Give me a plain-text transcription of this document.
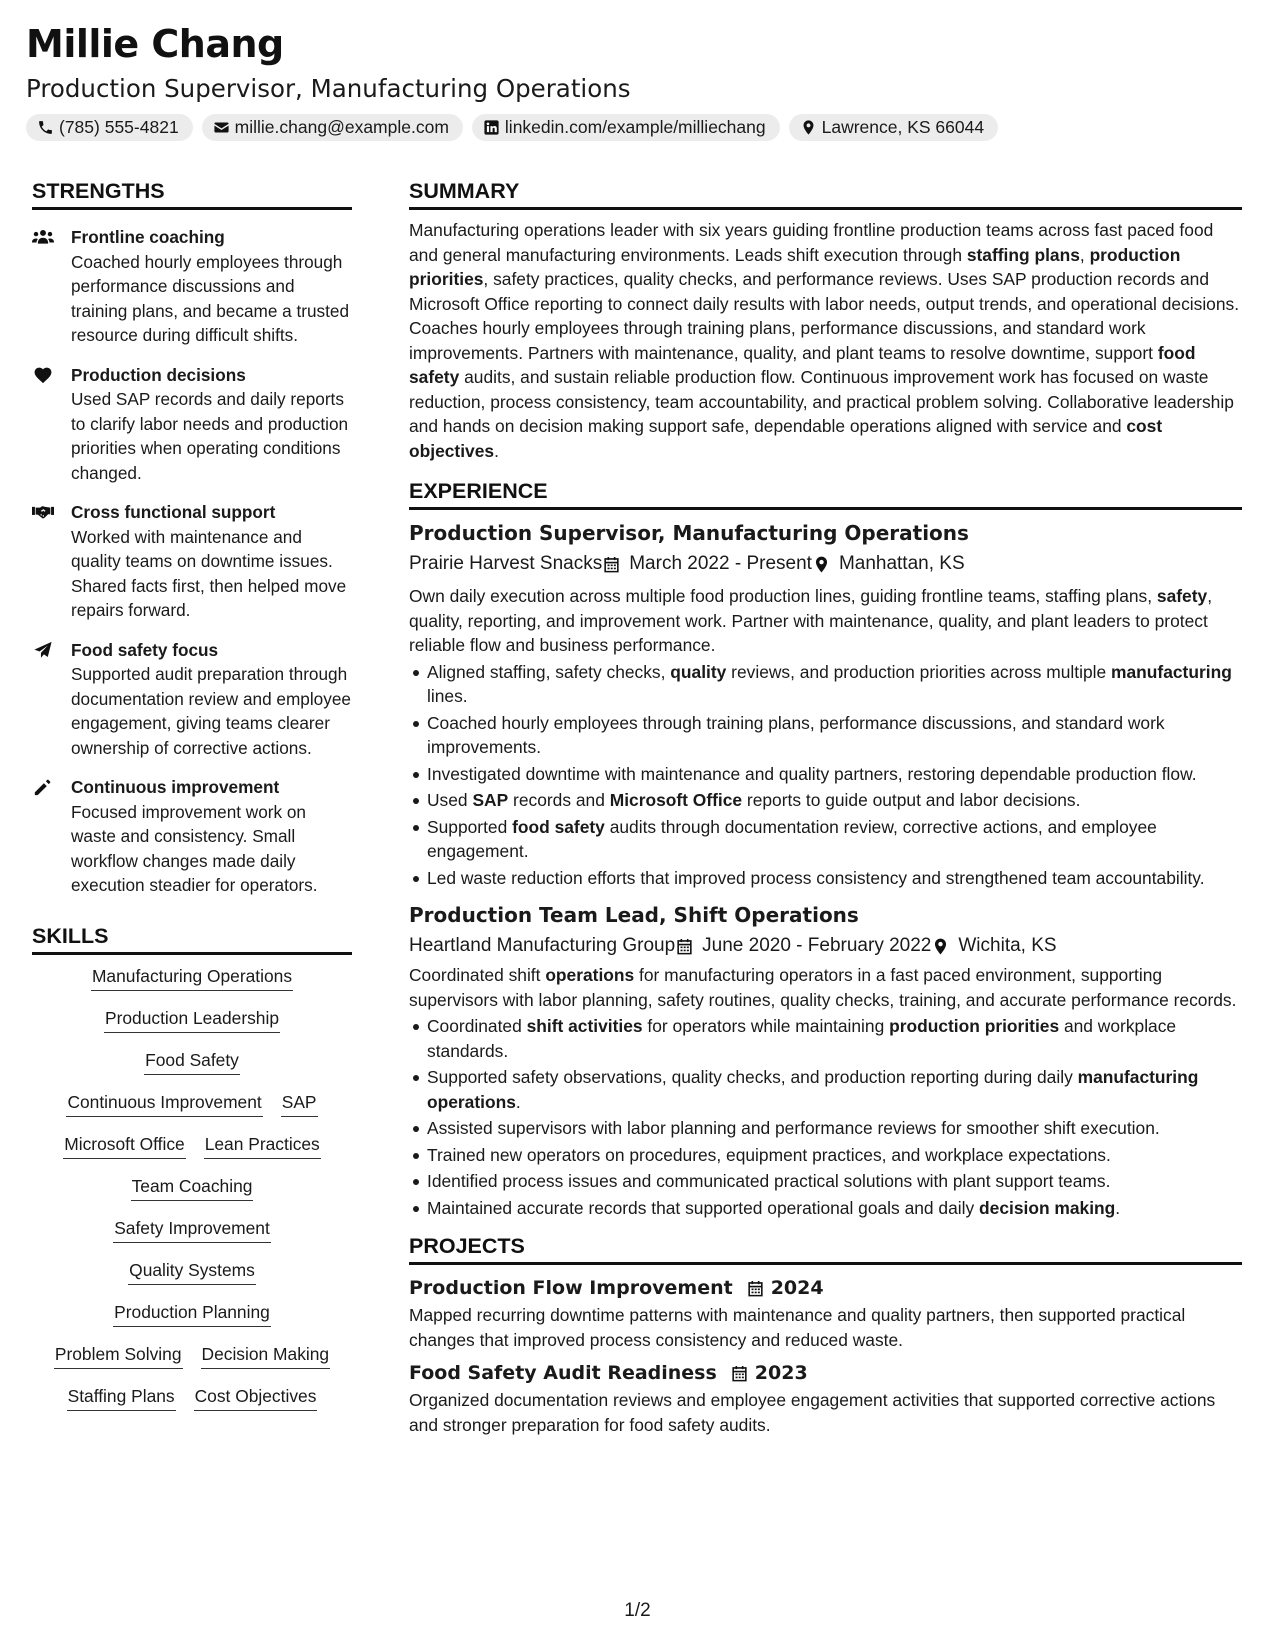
Millie Chang
Production Supervisor, Manufacturing Operations
(785) 555-4821	millie.chang@example.com	linkedin.com/example/milliechang	Lawrence, KS 66044
STRENGTHS
Frontline coaching
Coached hourly employees through performance discussions and training plans, and became a trusted resource during difficult shifts.
Production decisions
Used SAP records and daily reports to clarify labor needs and production priorities when operating conditions changed.
Cross functional support
Worked with maintenance and quality teams on downtime issues. Shared facts first, then helped move repairs forward.
Food safety focus
Supported audit preparation through documentation review and employee engagement, giving teams clearer ownership of corrective actions.
Continuous improvement
Focused improvement work on waste and consistency. Small workflow changes made daily execution steadier for operators.
SKILLS
Manufacturing Operations
Production Leadership
Food Safety
Continuous Improvement SAP
Microsoft Office Lean Practices
Team Coaching
Safety Improvement
Quality Systems
Production Planning
Problem Solving Decision Making
Staffing Plans Cost Objectives
SUMMARY
Manufacturing operations leader with six years guiding frontline production teams across fast paced food and general manufacturing environments. Leads shift execution through staffing plans, production priorities, safety practices, quality checks, and performance reviews. Uses SAP production records and Microsoft Office reporting to connect daily results with labor needs, output trends, and operational decisions. Coaches hourly employees through training plans, performance discussions, and standard work improvements. Partners with maintenance, quality, and plant teams to resolve downtime, support food safety audits, and sustain reliable production flow. Continuous improvement work has focused on waste reduction, process consistency, team accountability, and practical problem solving. Collaborative leadership and hands on decision making support safe, dependable operations aligned with service and cost objectives.
EXPERIENCE
Production Supervisor, Manufacturing Operations
Prairie Harvest Snacks March 2022 - Present Manhattan, KS
Own daily execution across multiple food production lines, guiding frontline teams, staffing plans, safety, quality, reporting, and improvement work. Partner with maintenance, quality, and plant leaders to protect reliable flow and business performance.
Aligned staffing, safety checks, quality reviews, and production priorities across multiple manufacturing lines.
Coached hourly employees through training plans, performance discussions, and standard work improvements.
Investigated downtime with maintenance and quality partners, restoring dependable production flow.
Used SAP records and Microsoft Office reports to guide output and labor decisions.
Supported food safety audits through documentation review, corrective actions, and employee engagement.
Led waste reduction efforts that improved process consistency and strengthened team accountability.
Production Team Lead, Shift Operations
Heartland Manufacturing Group June 2020 - February 2022 Wichita, KS
Coordinated shift operations for manufacturing operators in a fast paced environment, supporting supervisors with labor planning, safety routines, quality checks, training, and accurate performance records.
Coordinated shift activities for operators while maintaining production priorities and workplace standards.
Supported safety observations, quality checks, and production reporting during daily manufacturing operations.
Assisted supervisors with labor planning and performance reviews for smoother shift execution.
Trained new operators on procedures, equipment practices, and workplace expectations.
Identified process issues and communicated practical solutions with plant support teams.
Maintained accurate records that supported operational goals and daily decision making.
PROJECTS
Production Flow Improvement 2024
Mapped recurring downtime patterns with maintenance and quality partners, then supported practical changes that improved process consistency and reduced waste.
Food Safety Audit Readiness 2023
Organized documentation reviews and employee engagement activities that supported corrective actions and stronger preparation for food safety audits.
1/2
